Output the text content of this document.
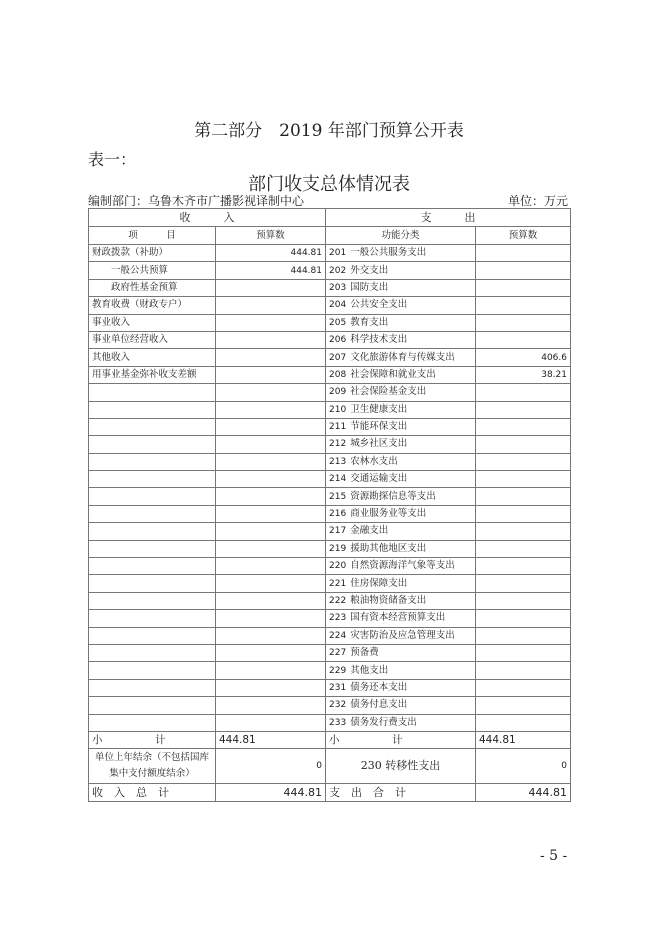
第二部分　2019 年部门预算公开表
表一：
部门收支总体情况表
编制部门：乌鲁木齐市广播影视译制中心	单位：万元
收　　　入		支　　　出	
项　　　目	预算数	功能分类	预算数
财政拨款（补助）	444.81	201 一般公共服务支出	
一般公共预算	444.81	202 外交支出	
政府性基金预算		203 国防支出	
教育收费（财政专户）		204 公共安全支出	
事业收入		205 教育支出	
事业单位经营收入		206 科学技术支出	
其他收入		207 文化旅游体育与传媒支出	406.6
用事业基金弥补收支差额		208 社会保障和就业支出	38.21
		209 社会保险基金支出	
		210 卫生健康支出	
		211 节能环保支出	
		212 城乡社区支出	
		213 农林水支出	
		214 交通运输支出	
		215 资源勘探信息等支出	
		216 商业服务业等支出	
		217 金融支出	
		219 援助其他地区支出	
		220 自然资源海洋气象等支出	
		221 住房保障支出	
		222 粮油物资储备支出	
		223 国有资本经营预算支出	
		224 灾害防治及应急管理支出	
		227 预备费	
		229 其他支出	
		231 债务还本支出	
		232 债务付息支出	
		233 债务发行费支出	
小　　　　　计	444.81	小　　　　　计	444.81
单位上年结余（不包括国库集中支付额度结余）	0	230 转移性支出	0
收　入　总　计	444.81	支　出　合　计	444.81
- 5 -
